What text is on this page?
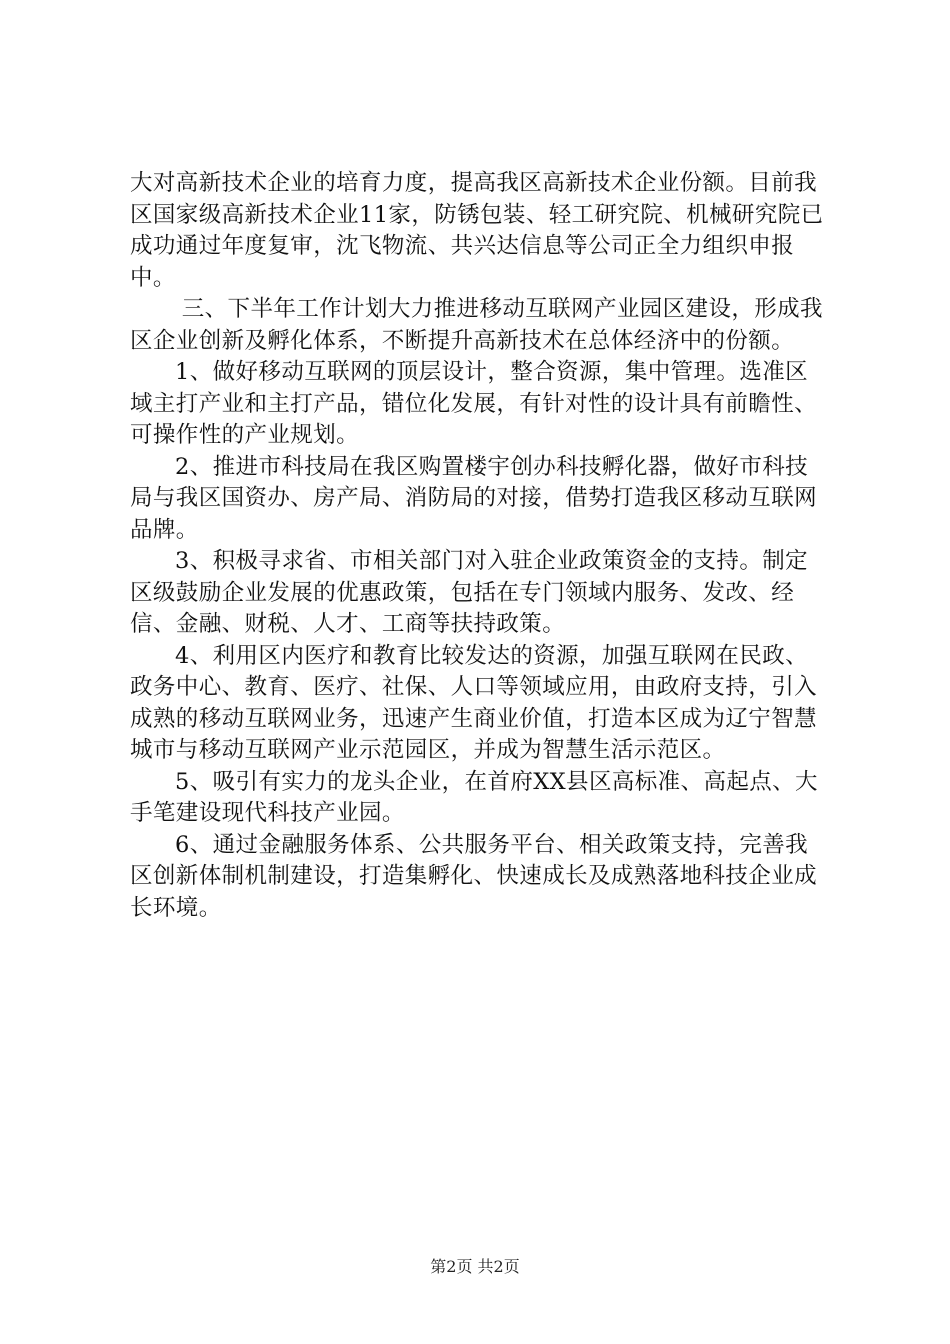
大对高新技术企业的培育力度，提高我区高新技术企业份额。目前我区国家级高新技术企业11家，防锈包装、轻工研究院、机械研究院已成功通过年度复审，沈飞物流、共兴达信息等公司正全力组织申报中。

三、下半年工作计划大力推进移动互联网产业园区建设，形成我区企业创新及孵化体系，不断提升高新技术在总体经济中的份额。

1、做好移动互联网的顶层设计，整合资源，集中管理。选准区域主打产业和主打产品，错位化发展，有针对性的设计具有前瞻性、可操作性的产业规划。

2、推进市科技局在我区购置楼宇创办科技孵化器，做好市科技局与我区国资办、房产局、消防局的对接，借势打造我区移动互联网品牌。

3、积极寻求省、市相关部门对入驻企业政策资金的支持。制定区级鼓励企业发展的优惠政策，包括在专门领域内服务、发改、经信、金融、财税、人才、工商等扶持政策。

4、利用区内医疗和教育比较发达的资源，加强互联网在民政、政务中心、教育、医疗、社保、人口等领域应用，由政府支持，引入成熟的移动互联网业务，迅速产生商业价值，打造本区成为辽宁智慧城市与移动互联网产业示范园区，并成为智慧生活示范区。

5、吸引有实力的龙头企业，在首府XX县区高标准、高起点、大手笔建设现代科技产业园。

6、通过金融服务体系、公共服务平台、相关政策支持，完善我区创新体制机制建设，打造集孵化、快速成长及成熟落地科技企业成长环境。

第2页 共2页
